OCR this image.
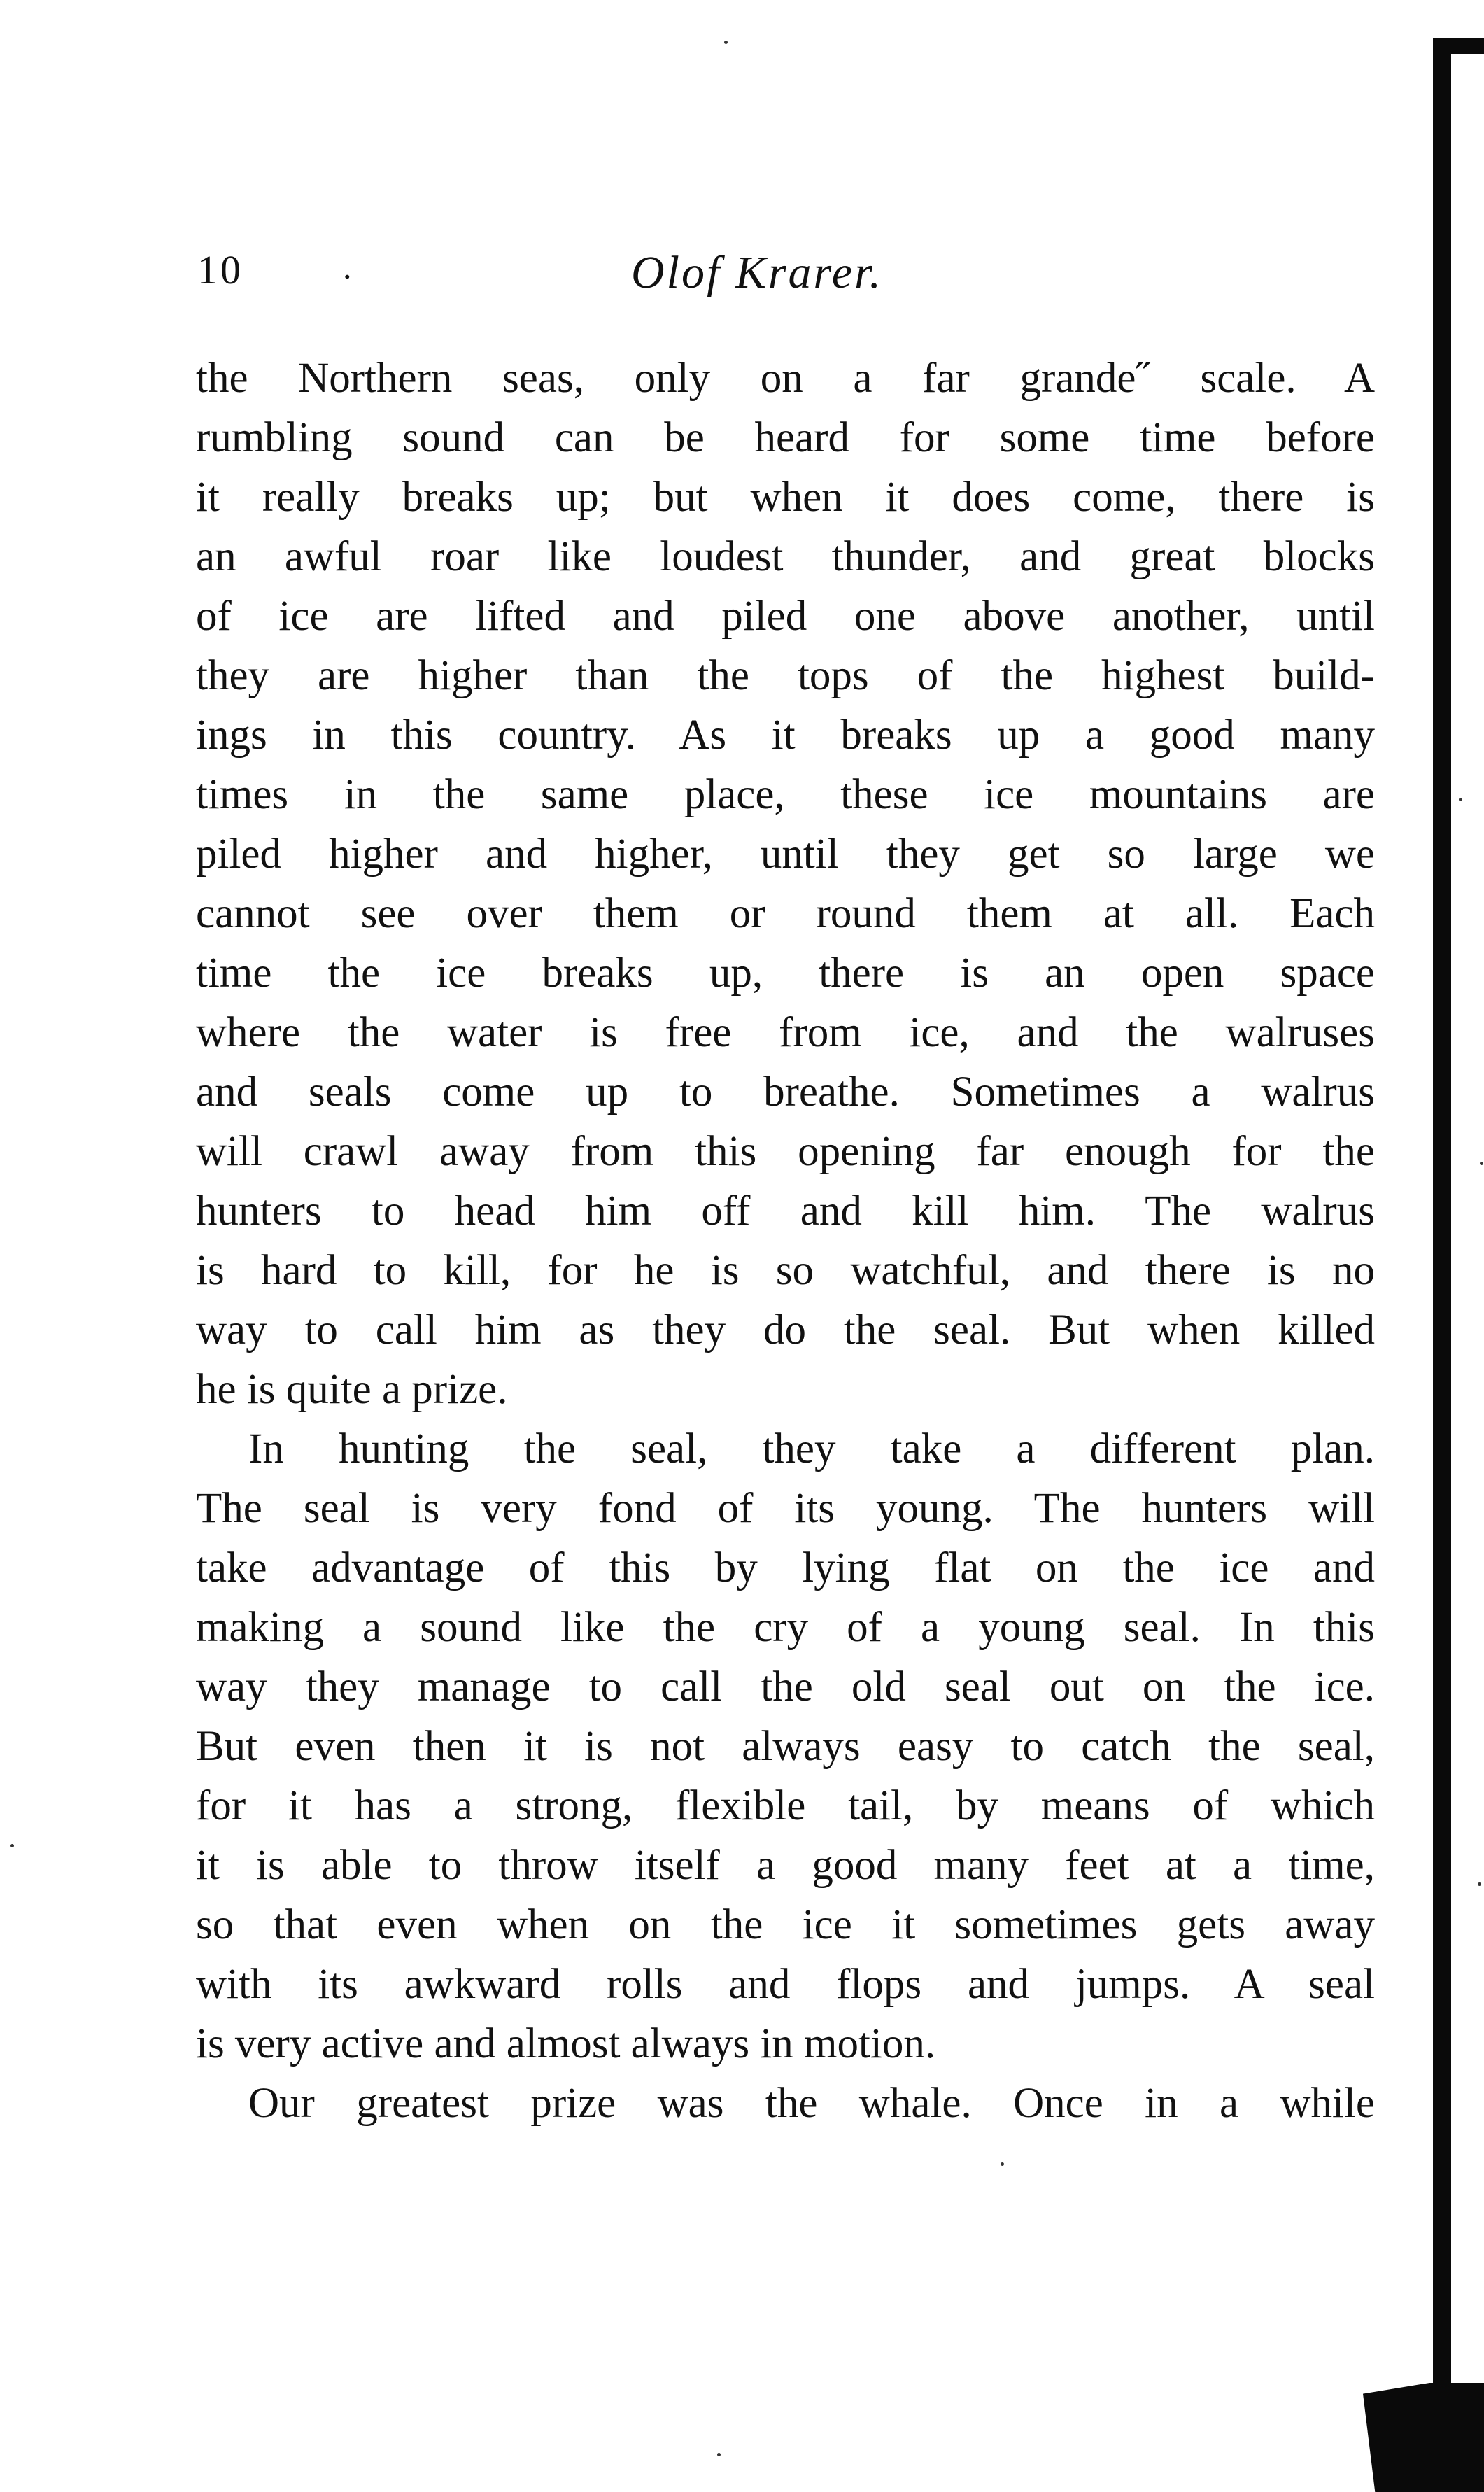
10	.	Olof Krarer.
the Northern seas, only on a far grande˝ scale. A
rumbling sound can be heard for some time before
it really breaks up; but when it does come, there is
an awful roar like loudest thunder, and great blocks
of ice are lifted and piled one above another, until
they are higher than the tops of the highest build-
ings in this country. As it breaks up a good many
times in the same place, these ice mountains are
piled higher and higher, until they get so large we
cannot see over them or round them at all. Each
time the ice breaks up, there is an open space
where the water is free from ice, and the walruses
and seals come up to breathe. Sometimes a walrus
will crawl away from this opening far enough for the
hunters to head him off and kill him. The walrus
is hard to kill, for he is so watchful, and there is no
way to call him as they do the seal. But when killed
he is quite a prize.
In hunting the seal, they take a different plan.
The seal is very fond of its young. The hunters will
take advantage of this by lying flat on the ice and
making a sound like the cry of a young seal. In this
way they manage to call the old seal out on the ice.
But even then it is not always easy to catch the seal,
for it has a strong, flexible tail, by means of which
it is able to throw itself a good many feet at a time,
so that even when on the ice it sometimes gets away
with its awkward rolls and flops and jumps. A seal
is very active and almost always in motion.
Our greatest prize was the whale. Once in a while
